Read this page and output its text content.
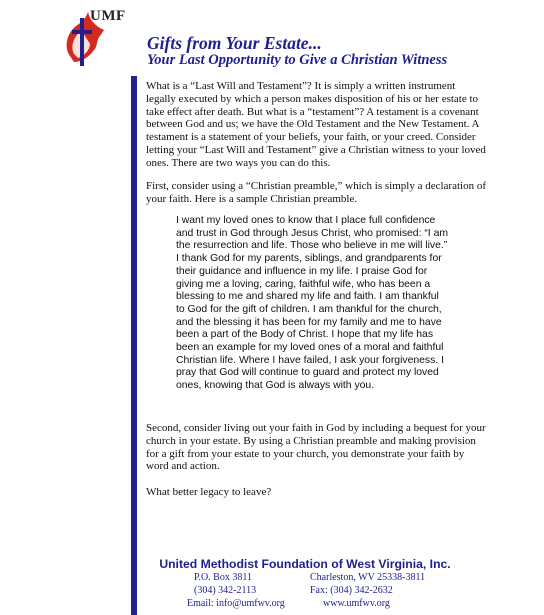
UMF
Gifts from Your Estate...
Your Last Opportunity to Give a Christian Witness

What is a “Last Will and Testament”? It is simply a written instrument legally executed by which a person makes disposition of his or her estate to take effect after death. But what is a “testament”? A testament is a covenant between God and us; we have the Old Testament and the New Testament. A testament is a statement of your beliefs, your faith, or your creed. Consider letting your “Last Will and Testament” give a Christian witness to your loved ones. There are two ways you can do this.

First, consider using a “Christian preamble,” which is simply a declaration of your faith. Here is a sample Christian preamble.

I want my loved ones to know that I place full confidence and trust in God through Jesus Christ, who promised: “I am the resurrection and life. Those who believe in me will live.” I thank God for my parents, siblings, and grandparents for their guidance and influence in my life. I praise God for giving me a loving, caring, faithful wife, who has been a blessing to me and shared my life and faith. I am thankful to God for the gift of children. I am thankful for the church, and the blessing it has been for my family and me to have been a part of the Body of Christ. I hope that my life has been an example for my loved ones of a moral and faithful Christian life. Where I have failed, I ask your forgiveness. I pray that God will continue to guard and protect my loved ones, knowing that God is always with you.

Second, consider living out your faith in God by including a bequest for your church in your estate. By using a Christian preamble and making provision for a gift from your estate to your church, you demonstrate your faith by word and action.

What better legacy to leave?

United Methodist Foundation of West Virginia, Inc.
P.O. Box 3811	Charleston, WV 25338-3811
(304) 342-2113	Fax: (304) 342-2632
Email: info@umfwv.org	www.umfwv.org
